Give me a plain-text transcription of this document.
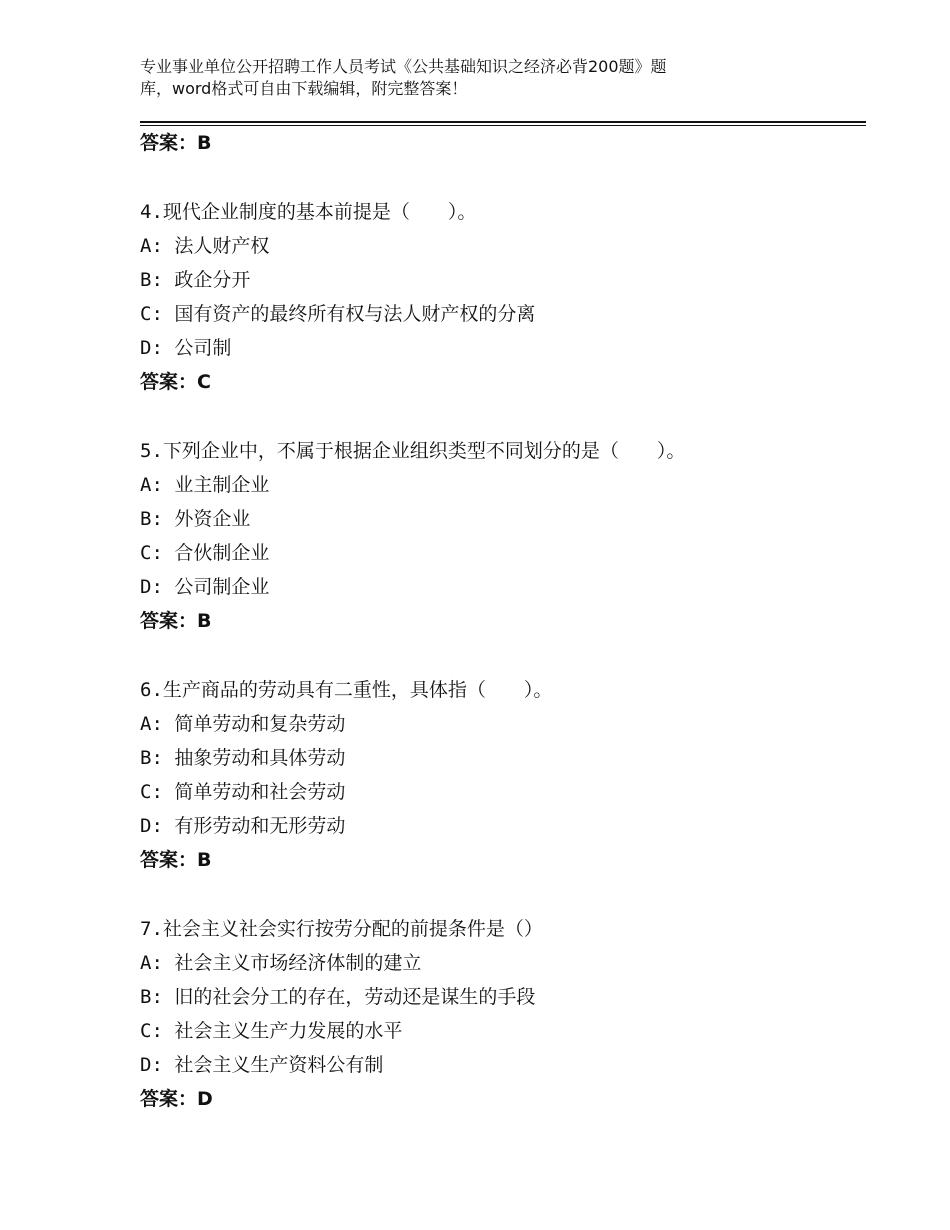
专业事业单位公开招聘工作人员考试《公共基础知识之经济必背200题》题
库，word格式可自由下载编辑，附完整答案！
答案：B
4.现代企业制度的基本前提是（　　）。
A: 法人财产权
B: 政企分开
C: 国有资产的最终所有权与法人财产权的分离
D: 公司制
答案：C
5.下列企业中，不属于根据企业组织类型不同划分的是（　　）。
A: 业主制企业
B: 外资企业
C: 合伙制企业
D: 公司制企业
答案：B
6.生产商品的劳动具有二重性，具体指（　　）。
A: 简单劳动和复杂劳动
B: 抽象劳动和具体劳动
C: 简单劳动和社会劳动
D: 有形劳动和无形劳动
答案：B
7.社会主义社会实行按劳分配的前提条件是（）
A: 社会主义市场经济体制的建立
B: 旧的社会分工的存在，劳动还是谋生的手段
C: 社会主义生产力发展的水平
D: 社会主义生产资料公有制
答案：D
